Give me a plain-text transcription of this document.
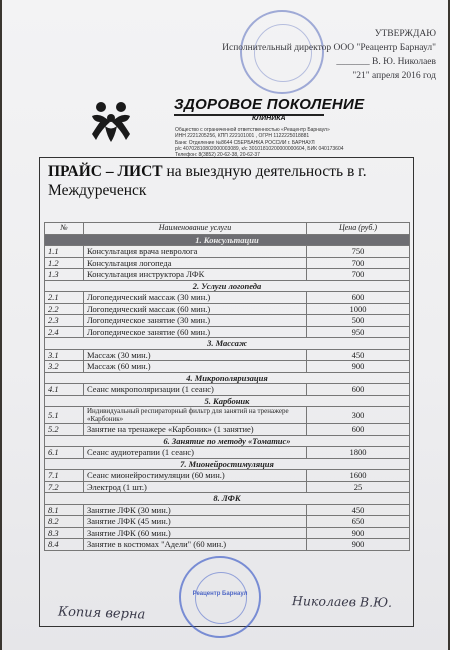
УТВЕРЖДАЮ
Исполнительный директор ООО "Реацентр Барнаул"
_______ В. Ю. Николаев
"21" апреля 2016 год
ЗДОРОВОЕ ПОКОЛЕНИЕ
КЛИНИКА
Общество с ограниченной ответственностью «Реацентр Барнаул»
ИНН 2221205256, КПП 222101001 , ОГРН 1122225018881
Банк: Отделение №8644 СБЕРБАНКА РОССИИ г. БАРНАУЛ
р/с 40702810802000003089, к/с 30101810200000000604, БИК 040173604
Телефон: 8(3852) 20-62-38, 20-62-37
ПРАЙС – ЛИСТ на выездную деятельность в г. Междуреченск
№	Наименование услуги	Цена (руб.)
1. Консультации		
1.1	Консультация врача невролога	750
1.2	Консультация логопеда	700
1.3	Консультация инструктора ЛФК	700
2. Услуги логопеда		
2.1	Логопедический массаж (30 мин.)	600
2.2	Логопедический массаж (60 мин.)	1000
2.3	Логопедическое занятие (30 мин.)	500
2.4	Логопедическое занятие (60 мин.)	950
3. Массаж		
3.1	Массаж (30 мин.)	450
3.2	Массаж (60 мин.)	900
4. Микрополяризация		
4.1	Сеанс микрополяризации (1 сеанс)	600
5. Карбоник		
5.1	Индивидуальный респираторный фильтр для занятий на тренажере «Карбоник»	300
5.2	Занятие на тренажере «Карбоник» (1 занятие)	600
6. Занятие по методу «Томатис»		
6.1	Сеанс аудиотерапии (1 сеанс)	1800
7. Мионейростимуляция		
7.1	Сеанс мионейростимуляции (60 мин.)	1600
7.2	Электрод (1 шт.)	25
8. ЛФК		
8.1	Занятие ЛФК (30 мин.)	450
8.2	Занятие ЛФК (45 мин.)	650
8.3	Занятие ЛФК (60 мин.)	900
8.4	Занятие в костюмах "Адели" (60 мин.)	900
Реацентр Барнаул
Копия верна
Николаев В.Ю.
